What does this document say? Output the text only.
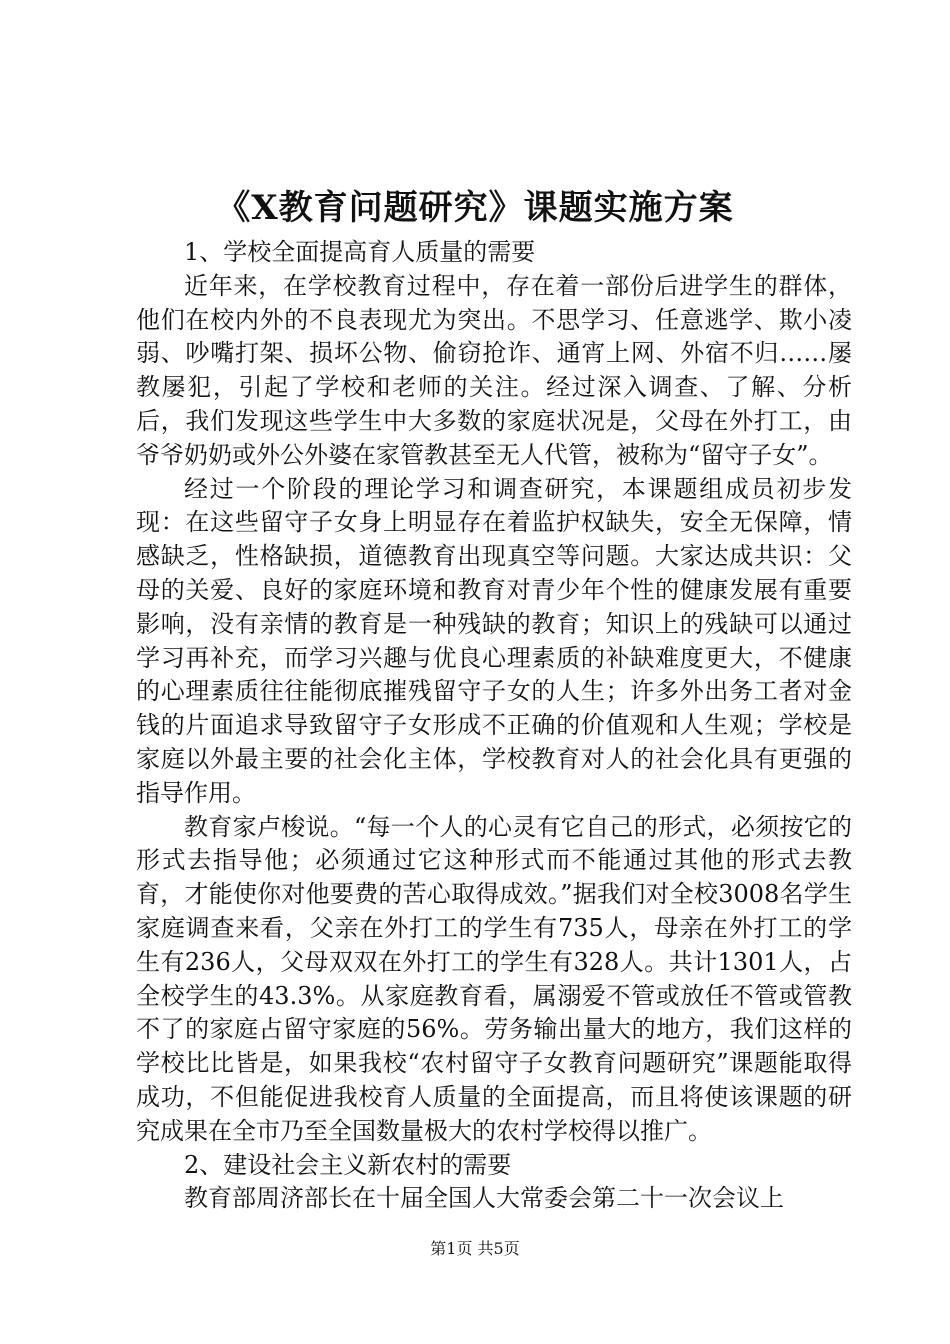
《X教育问题研究》课题实施方案

1、学校全面提高育人质量的需要

近年来，在学校教育过程中，存在着一部份后进学生的群体，他们在校内外的不良表现尤为突出。不思学习、任意逃学、欺小凌弱、吵嘴打架、损坏公物、偷窃抢诈、通宵上网、外宿不归……屡教屡犯，引起了学校和老师的关注。经过深入调查、了解、分析后，我们发现这些学生中大多数的家庭状况是，父母在外打工，由爷爷奶奶或外公外婆在家管教甚至无人代管，被称为“留守子女”。

经过一个阶段的理论学习和调查研究，本课题组成员初步发现：在这些留守子女身上明显存在着监护权缺失，安全无保障，情感缺乏，性格缺损，道德教育出现真空等问题。大家达成共识：父母的关爱、良好的家庭环境和教育对青少年个性的健康发展有重要影响，没有亲情的教育是一种残缺的教育；知识上的残缺可以通过学习再补充，而学习兴趣与优良心理素质的补缺难度更大，不健康的心理素质往往能彻底摧残留守子女的人生；许多外出务工者对金钱的片面追求导致留守子女形成不正确的价值观和人生观；学校是家庭以外最主要的社会化主体，学校教育对人的社会化具有更强的指导作用。

教育家卢梭说。“每一个人的心灵有它自己的形式，必须按它的形式去指导他；必须通过它这种形式而不能通过其他的形式去教育，才能使你对他要费的苦心取得成效。”据我们对全校3008名学生家庭调查来看，父亲在外打工的学生有735人，母亲在外打工的学生有236人，父母双双在外打工的学生有328人。共计1301人，占全校学生的43.3%。从家庭教育看，属溺爱不管或放任不管或管教不了的家庭占留守家庭的56%。劳务输出量大的地方，我们这样的学校比比皆是，如果我校“农村留守子女教育问题研究”课题能取得成功，不但能促进我校育人质量的全面提高，而且将使该课题的研究成果在全市乃至全国数量极大的农村学校得以推广。

2、建设社会主义新农村的需要

教育部周济部长在十届全国人大常委会第二十一次会议上

第1页 共5页
